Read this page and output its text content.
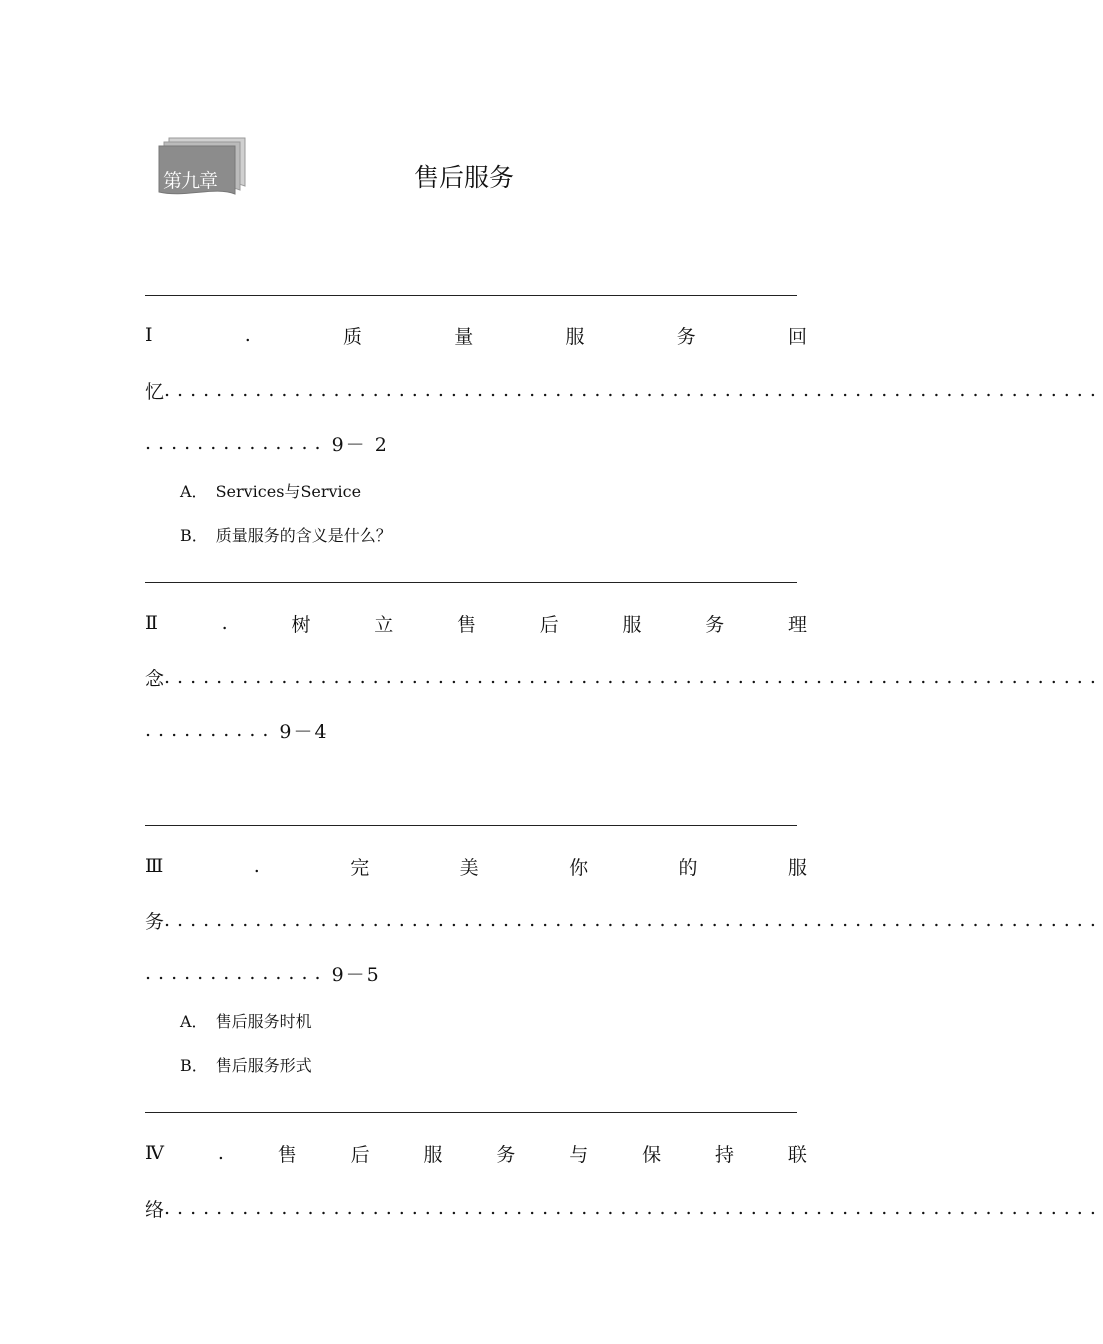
第九章	售后服务
I	.	质	量	服	务	回
忆 ........................................................................
.............. 9－ 2
A． Services与Service
B． 质量服务的含义是什么？
Ⅱ	.	树	立	售	后	服	务	理
念 ........................................................................
.......... 9－4
Ⅲ	.	完	美	你	的	服
务 ........................................................................
.............. 9－5
A． 售后服务时机
B． 售后服务形式
Ⅳ	.	售	后	服	务	与	保	持	联
络 ........................................................................
